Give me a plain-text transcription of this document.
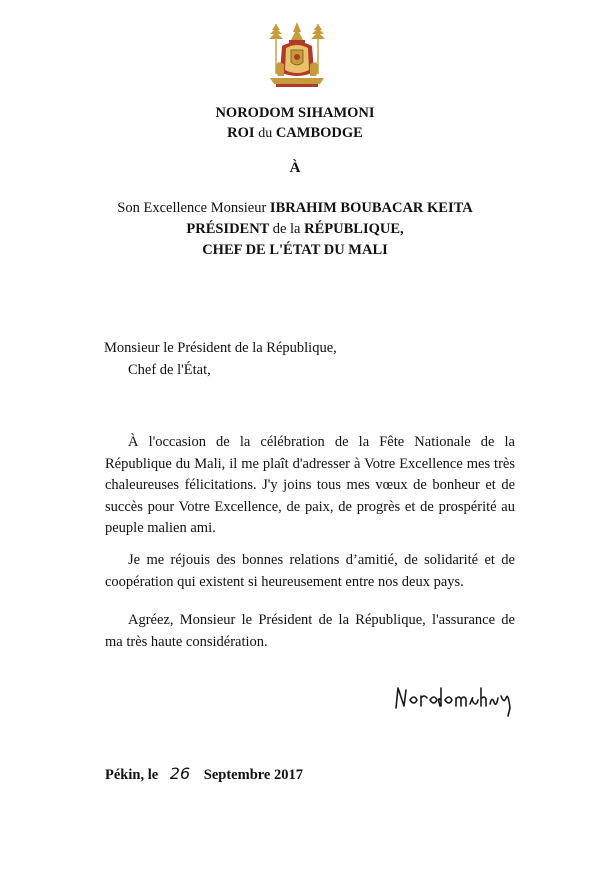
NORODOM SIHAMONI
ROI du CAMBODGE
À
Son Excellence Monsieur IBRAHIM BOUBACAR KEITA
PRÉSIDENT de la RÉPUBLIQUE,
CHEF DE L'ÉTAT DU MALI
Monsieur le Président de la République,
Chef de l'État,
À l'occasion de la célébration de la Fête Nationale de la République du Mali, il me plaît d'adresser à Votre Excellence mes très chaleureuses félicitations. J'y joins tous mes vœux de bonheur et de succès pour Votre Excellence, de paix, de progrès et de prospérité au peuple malien ami.
Je me réjouis des bonnes relations d’amitié, de solidarité et de coopération qui existent si heureusement entre nos deux pays.
Agréez, Monsieur le Président de la République, l'assurance de ma très haute considération.
Pékin, le 26 Septembre 2017
